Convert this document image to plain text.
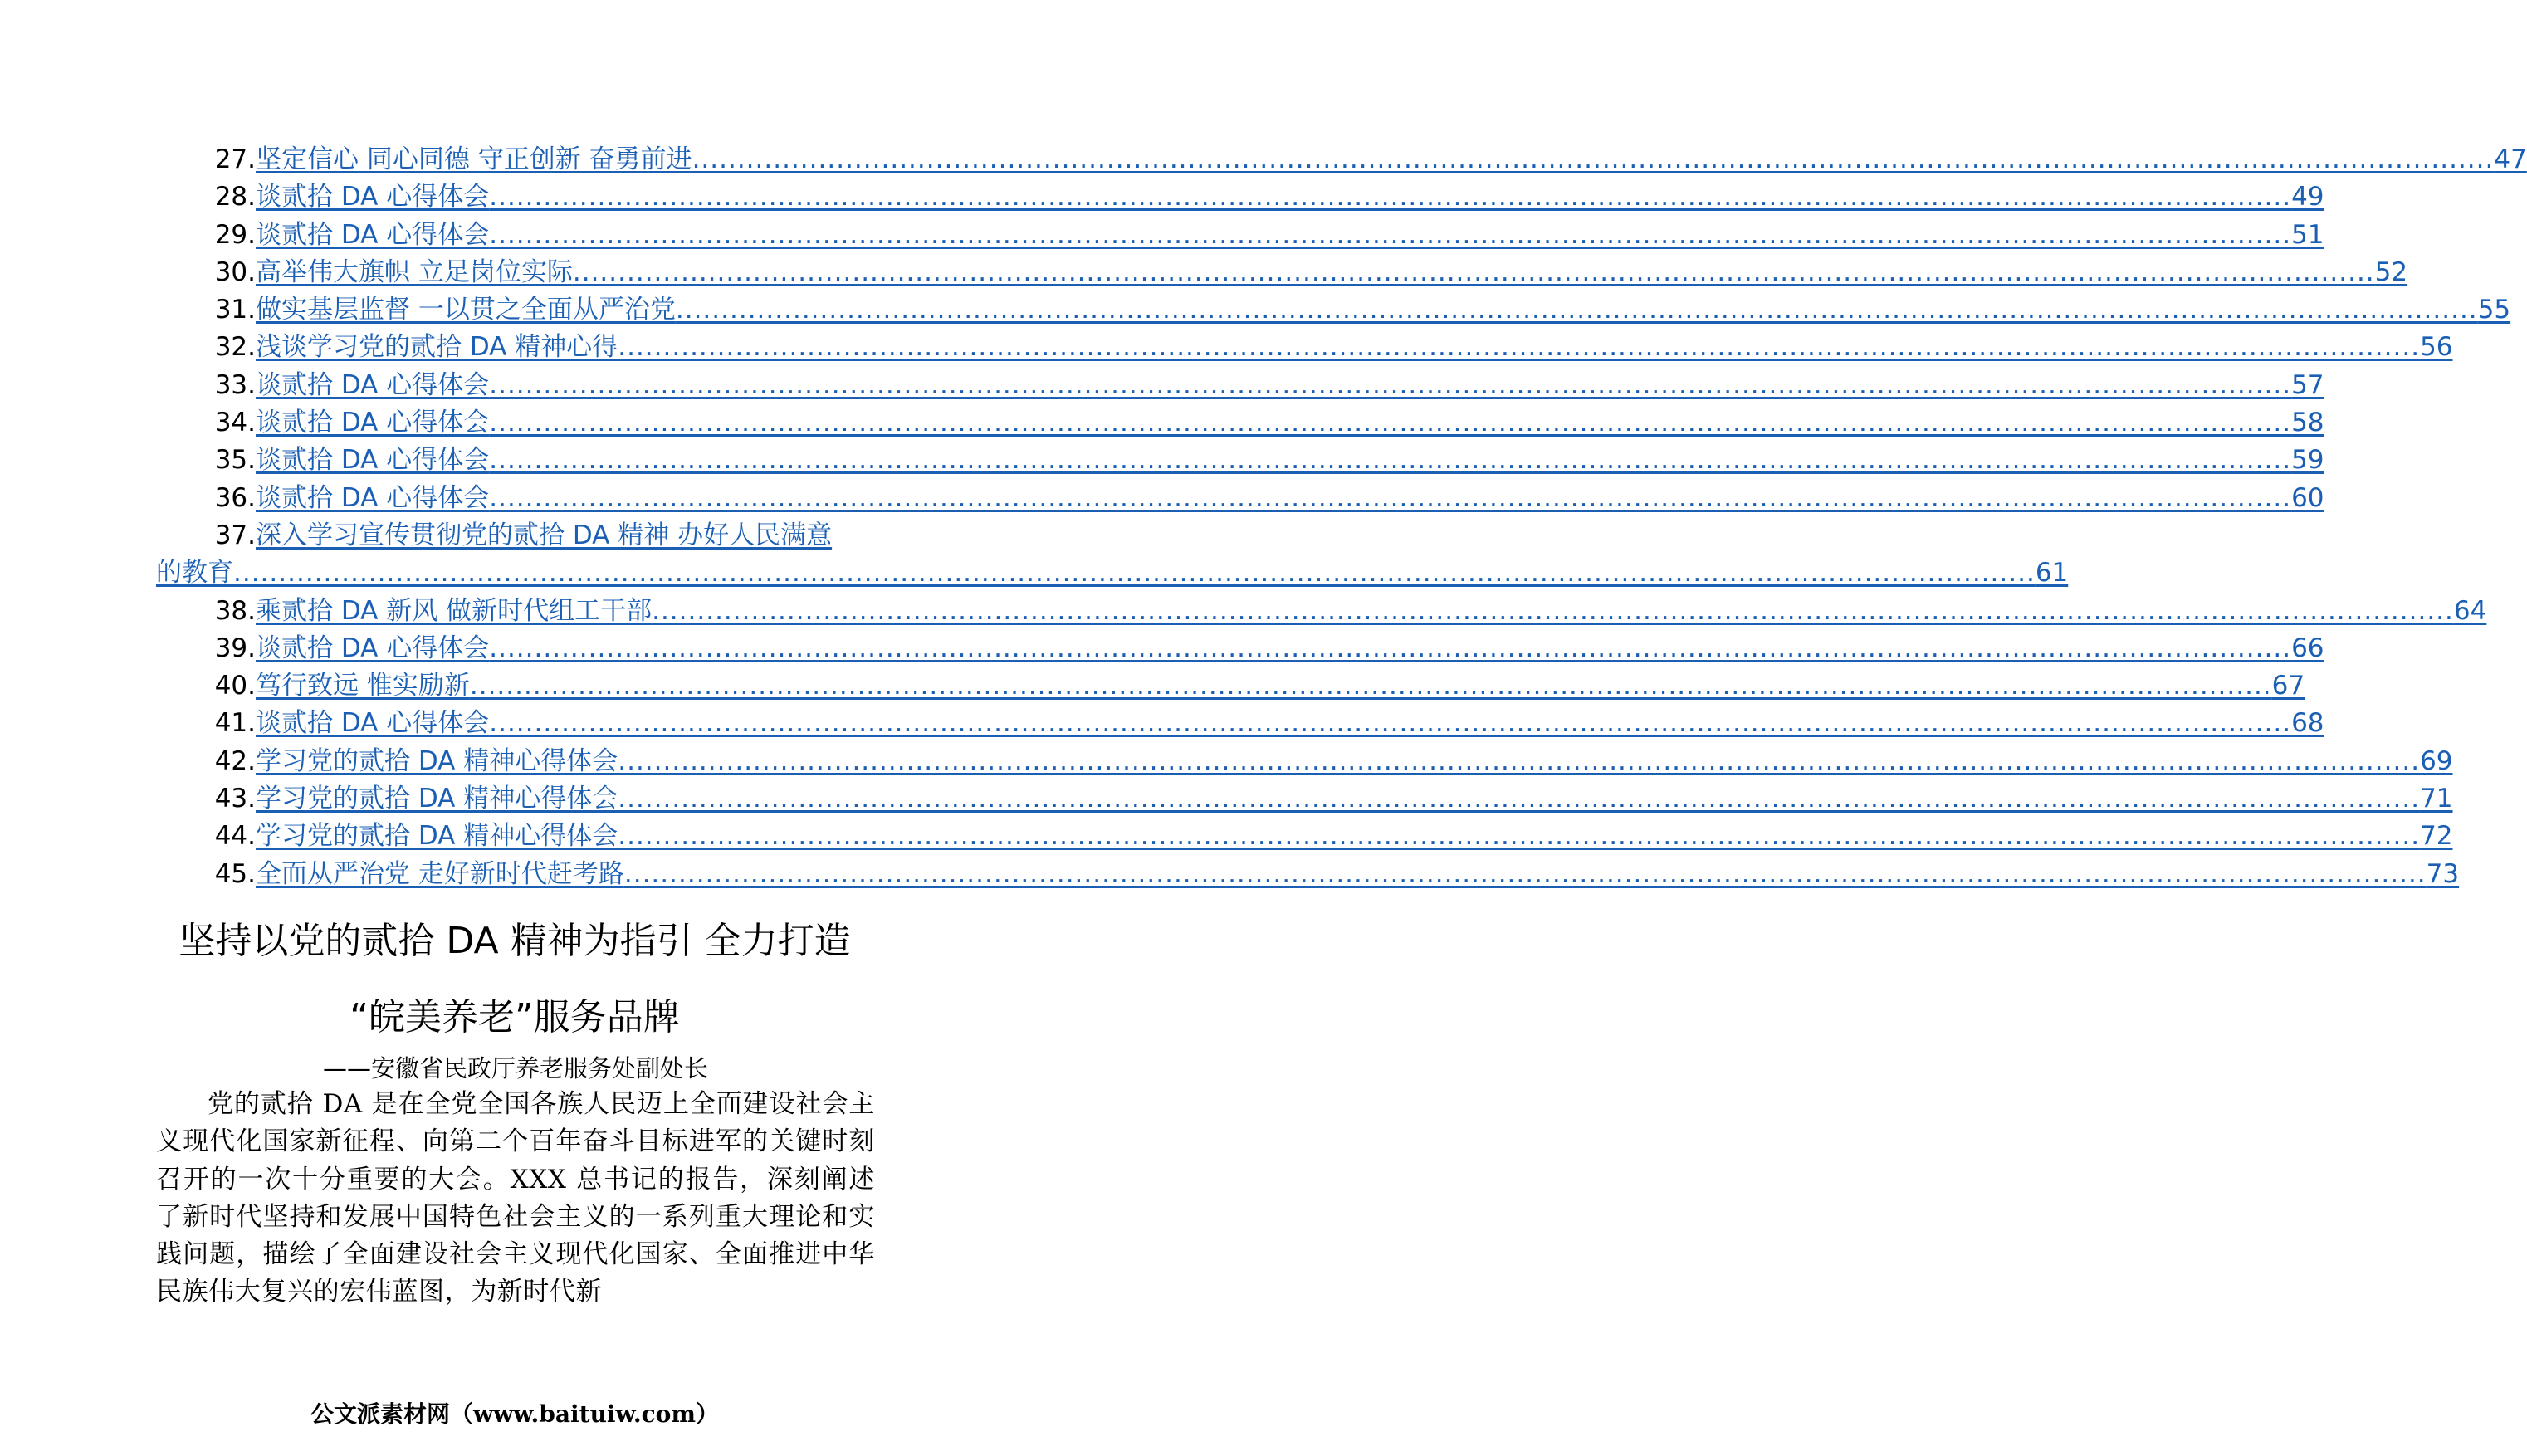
27. 坚定信心 同心同德 守正创新 奋勇前进 ........................................................................................................................................................................................................ 47
28. 谈贰拾 DA 心得体会 ........................................................................................................................................................................................................ 49
29. 谈贰拾 DA 心得体会 ........................................................................................................................................................................................................ 51
30. 高举伟大旗帜 立足岗位实际 ........................................................................................................................................................................................................ 52
31. 做实基层监督 一以贯之全面从严治党 ........................................................................................................................................................................................................ 55
32. 浅谈学习党的贰拾 DA 精神心得 ........................................................................................................................................................................................................ 56
33. 谈贰拾 DA 心得体会 ........................................................................................................................................................................................................ 57
34. 谈贰拾 DA 心得体会 ........................................................................................................................................................................................................ 58
35. 谈贰拾 DA 心得体会 ........................................................................................................................................................................................................ 59
36. 谈贰拾 DA 心得体会 ........................................................................................................................................................................................................ 60
37. 深入学习宣传贯彻党的贰拾 DA 精神 办好人民满意
的教育 ........................................................................................................................................................................................................ 61
38. 乘贰拾 DA 新风 做新时代组工干部 ........................................................................................................................................................................................................ 64
39. 谈贰拾 DA 心得体会 ........................................................................................................................................................................................................ 66
40. 笃行致远 惟实励新 ........................................................................................................................................................................................................ 67
41. 谈贰拾 DA 心得体会 ........................................................................................................................................................................................................ 68
42. 学习党的贰拾 DA 精神心得体会 ........................................................................................................................................................................................................ 69
43. 学习党的贰拾 DA 精神心得体会 ........................................................................................................................................................................................................ 71
44. 学习党的贰拾 DA 精神心得体会 ........................................................................................................................................................................................................ 72
45. 全面从严治党 走好新时代赶考路 ........................................................................................................................................................................................................ 73
坚持以党的贰拾 DA 精神为指引 全力打造
“皖美养老”服务品牌
——安徽省民政厅养老服务处副处长
党的贰拾 DA 是在全党全国各族人民迈上全面建设社会主义现代化国家新征程、向第二个百年奋斗目标进军的关键时刻召开的一次十分重要的大会。XXX 总书记的报告，深刻阐述了新时代坚持和发展中国特色社会主义的一系列重大理论和实践问题，描绘了全面建设社会主义现代化国家、全面推进中华民族伟大复兴的宏伟蓝图，为新时代新
公文派素材网（www.baituiw.com）
